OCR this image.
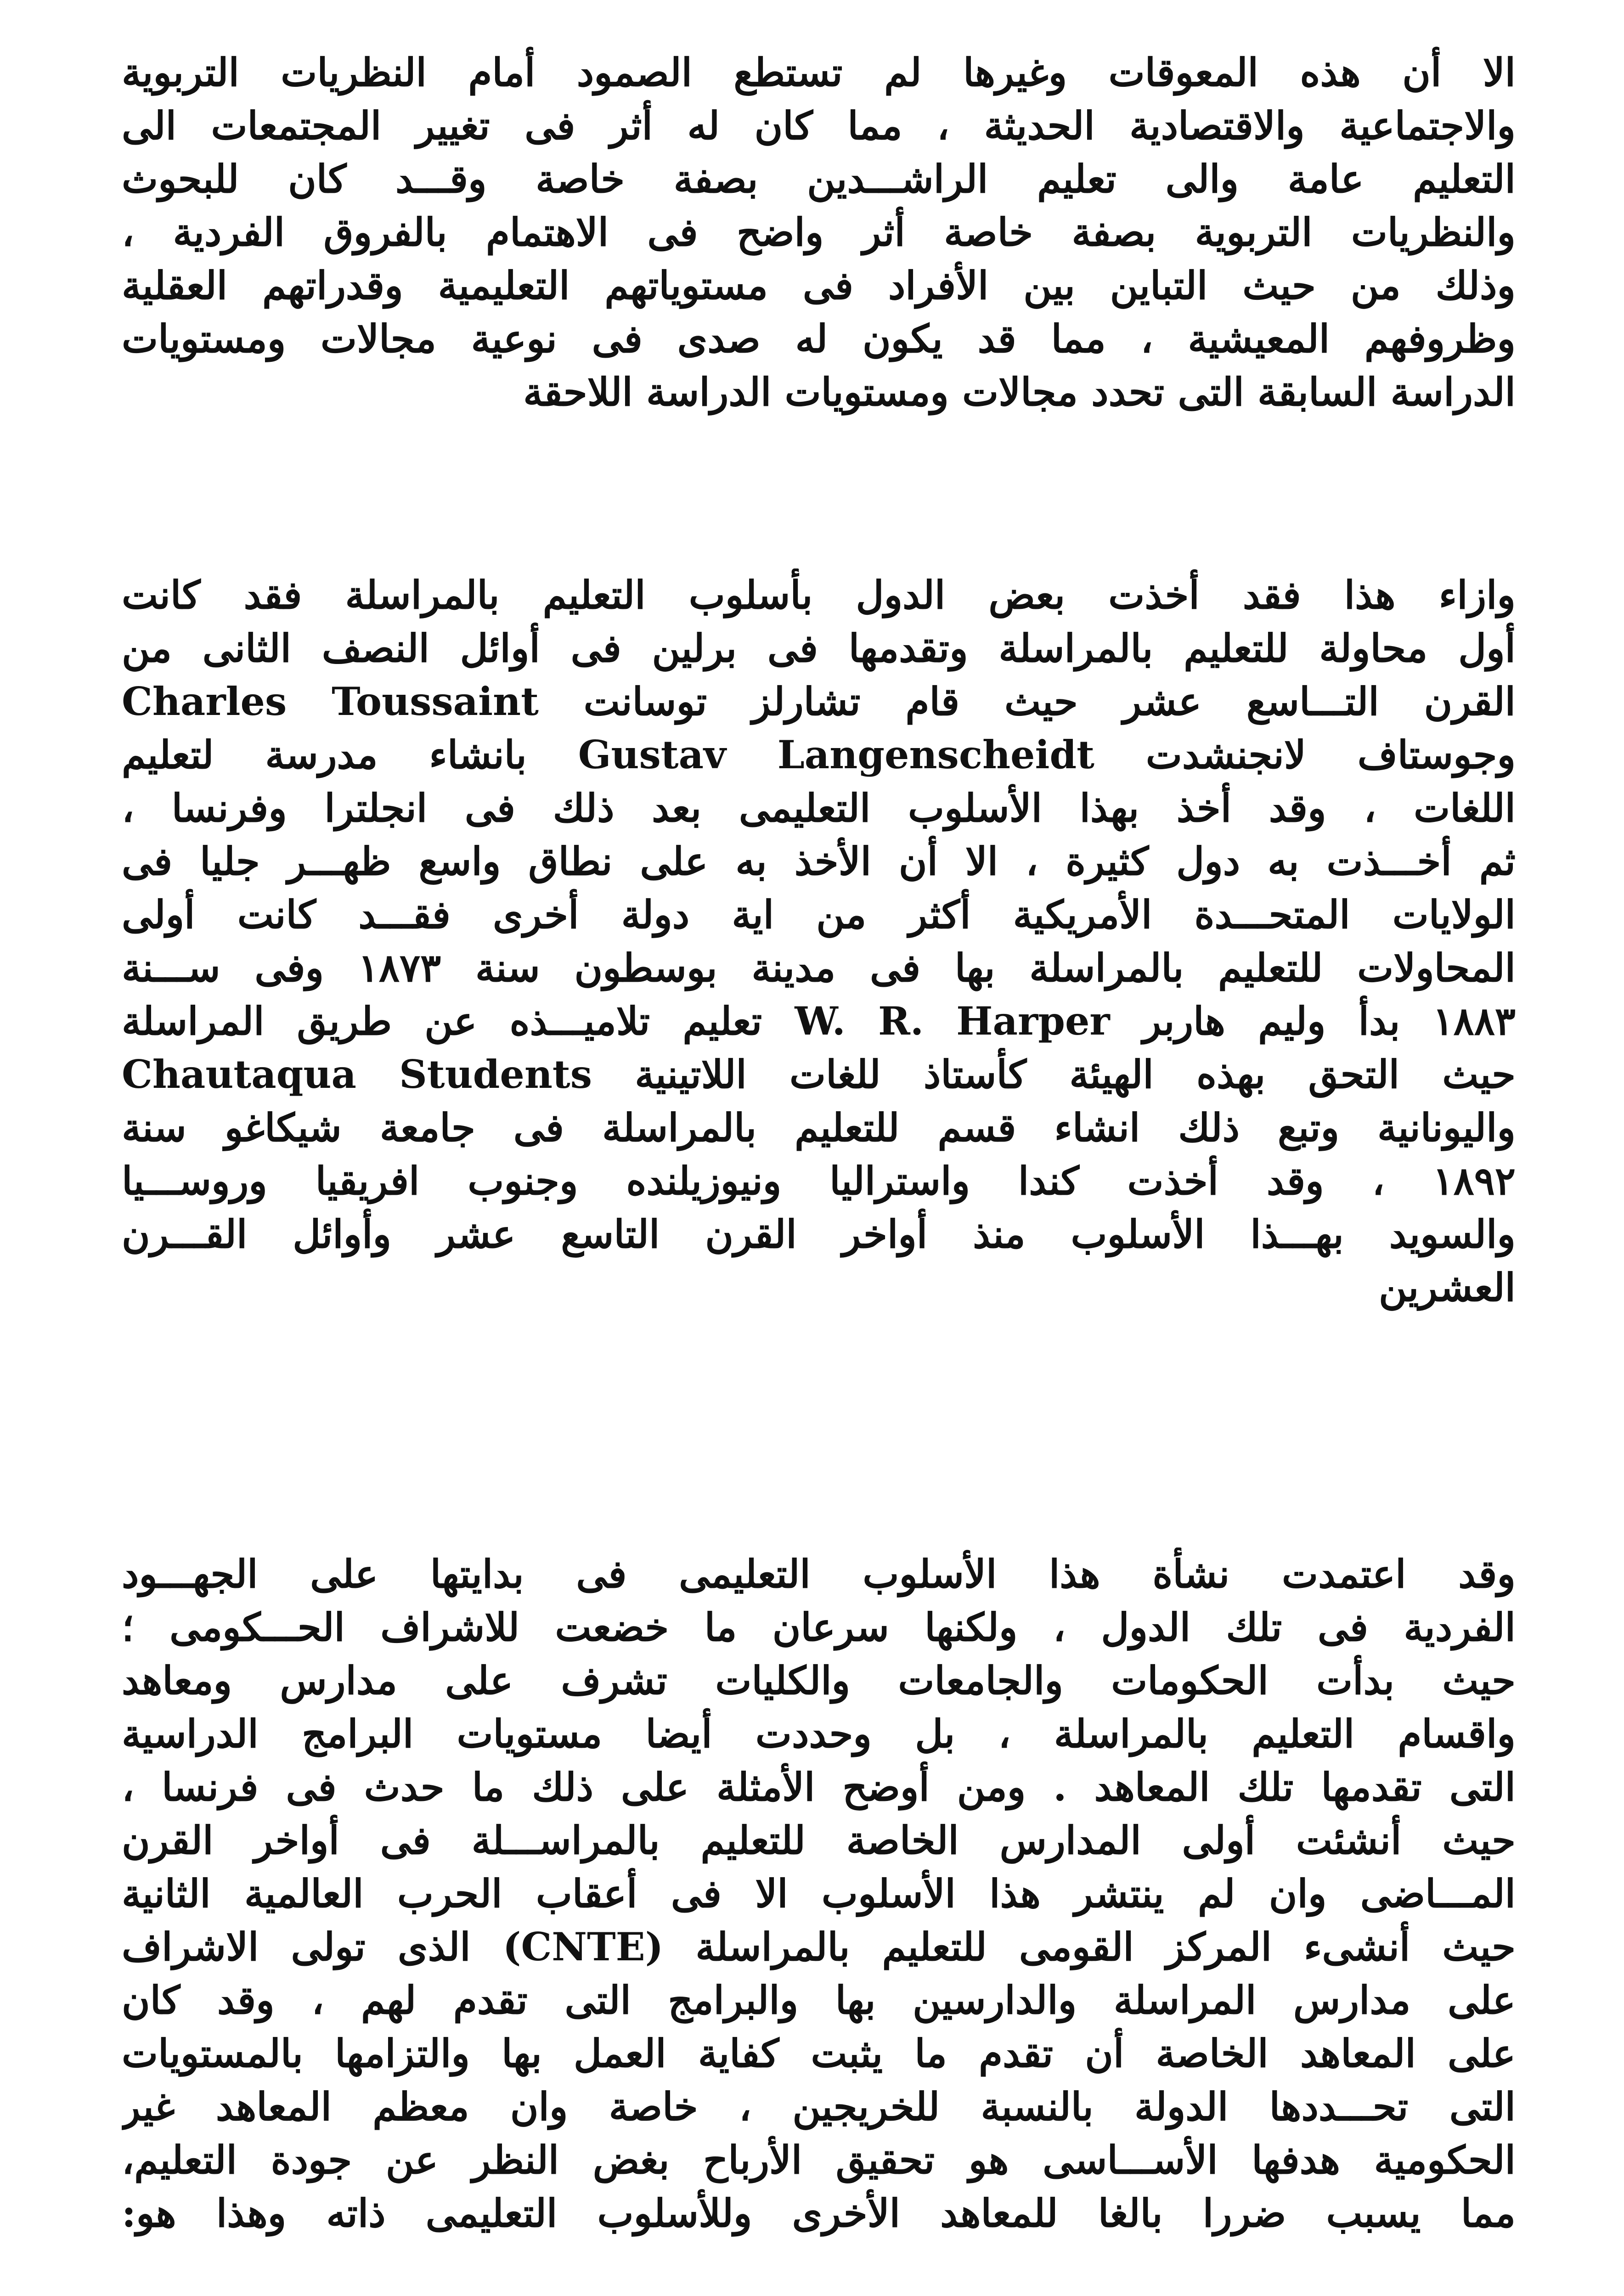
الا أن هذه المعوقات وغيرها لم تستطع الصمود أمام النظريات التربوية
والاجتماعية والاقتصادية الحديثة ، مما كان له أثر فى تغيير المجتمعات الى
التعليم عامة والى تعليم الراشـــدين بصفة خاصة وقـــد كان للبحوث
والنظريات التربوية بصفة خاصة أثر واضح فى الاهتمام بالفروق الفردية ،
وذلك من حيث التباين بين الأفراد فى مستوياتهم التعليمية وقدراتهم العقلية
وظروفهم المعيشية ، مما قد يكون له صدى فى نوعية مجالات ومستويات
الدراسة السابقة التى تحدد مجالات ومستويات الدراسة اللاحقة
وازاء هذا فقد أخذت بعض الدول بأسلوب التعليم بالمراسلة فقد كانت
أول محاولة للتعليم بالمراسلة وتقدمها فى برلين فى أوائل النصف الثانى من
القرن التـــاسع عشر حيث قام تشارلز توسانت Charles Toussaint
وجوستاف لانجنشدت Gustav Langenscheidt بانشاء مدرسة لتعليم
اللغات ، وقد أخذ بهذا الأسلوب التعليمى بعد ذلك فى انجلترا وفرنسا ،
ثم أخـــذت به دول كثيرة ، الا أن الأخذ به على نطاق واسع ظهـــر جليا فى
الولايات المتحـــدة الأمريكية أكثر من اية دولة أخرى فقـــد كانت أولى
المحاولات للتعليم بالمراسلة بها فى مدينة بوسطون سنة ١٨٧٣ وفى ســـنة
١٨٨٣ بدأ وليم هاربر W. R. Harper تعليم تلاميـــذه عن طريق المراسلة
حيث التحق بهذه الهيئة كأستاذ للغات اللاتينية Chautaqua Students
واليونانية وتبع ذلك انشاء قسم للتعليم بالمراسلة فى جامعة شيكاغو سنة
١٨٩٢ ، وقد أخذت كندا واستراليا ونيوزيلنده وجنوب افريقيا وروســـيا
والسويد بهـــذا الأسلوب منذ أواخر القرن التاسع عشر وأوائل القـــرن
العشرين
وقد اعتمدت نشأة هذا الأسلوب التعليمى فى بدايتها على الجهـــود
الفردية فى تلك الدول ، ولكنها سرعان ما خضعت للاشراف الحـــكومى ؛
حيث بدأت الحكومات والجامعات والكليات تشرف على مدارس ومعاهد
واقسام التعليم بالمراسلة ، بل وحددت أيضا مستويات البرامج الدراسية
التى تقدمها تلك المعاهد . ومن أوضح الأمثلة على ذلك ما حدث فى فرنسا ،
حيث أنشئت أولى المدارس الخاصة للتعليم بالمراســـلة فى أواخر القرن
المـــاضى وان لم ينتشر هذا الأسلوب الا فى أعقاب الحرب العالمية الثانية
حيث أنشىء المركز القومى للتعليم بالمراسلة (CNTE) الذى تولى الاشراف
على مدارس المراسلة والدارسين بها والبرامج التى تقدم لهم ، وقد كان
على المعاهد الخاصة أن تقدم ما يثبت كفاية العمل بها والتزامها بالمستويات
التى تحـــددها الدولة بالنسبة للخريجين ، خاصة وان معظم المعاهد غير
الحكومية هدفها الأســـاسى هو تحقيق الأرباح بغض النظر عن جودة التعليم،
مما يسبب ضررا بالغا للمعاهد الأخرى وللأسلوب التعليمى ذاته وهذا هو:
